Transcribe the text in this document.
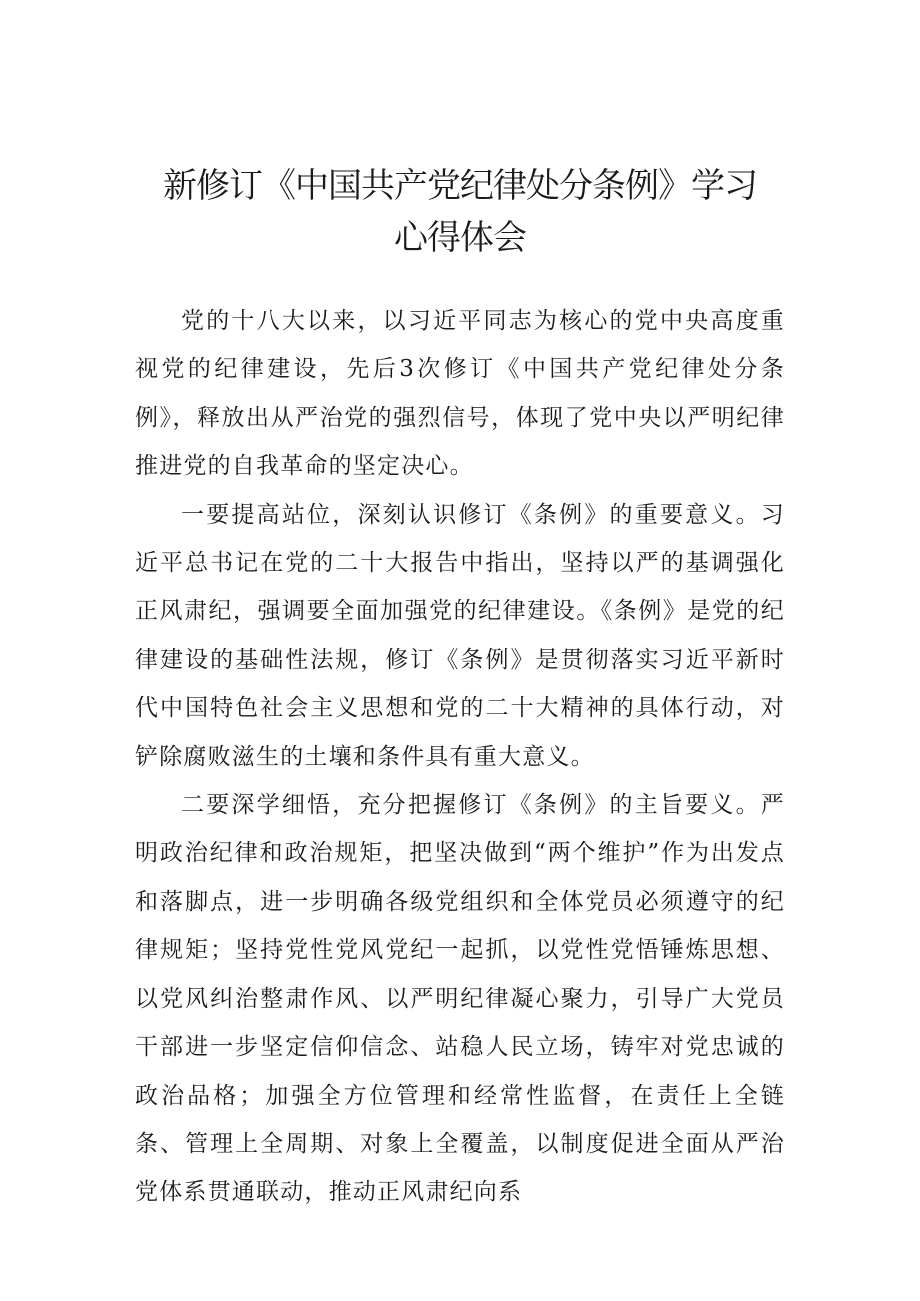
新修订《中国共产党纪律处分条例》学习
心得体会

党的十八大以来，以习近平同志为核心的党中央高度重视党的纪律建设，先后3次修订《中国共产党纪律处分条例》，释放出从严治党的强烈信号，体现了党中央以严明纪律推进党的自我革命的坚定决心。

一要提高站位，深刻认识修订《条例》的重要意义。习近平总书记在党的二十大报告中指出，坚持以严的基调强化正风肃纪，强调要全面加强党的纪律建设。《条例》是党的纪律建设的基础性法规，修订《条例》是贯彻落实习近平新时代中国特色社会主义思想和党的二十大精神的具体行动，对铲除腐败滋生的土壤和条件具有重大意义。

二要深学细悟，充分把握修订《条例》的主旨要义。严明政治纪律和政治规矩，把坚决做到“两个维护”作为出发点和落脚点，进一步明确各级党组织和全体党员必须遵守的纪律规矩；坚持党性党风党纪一起抓，以党性党悟锤炼思想、以党风纠治整肃作风、以严明纪律凝心聚力，引导广大党员干部进一步坚定信仰信念、站稳人民立场，铸牢对党忠诚的政治品格；加强全方位管理和经常性监督，在责任上全链条、管理上全周期、对象上全覆盖，以制度促进全面从严治党体系贯通联动，推动正风肃纪向系
